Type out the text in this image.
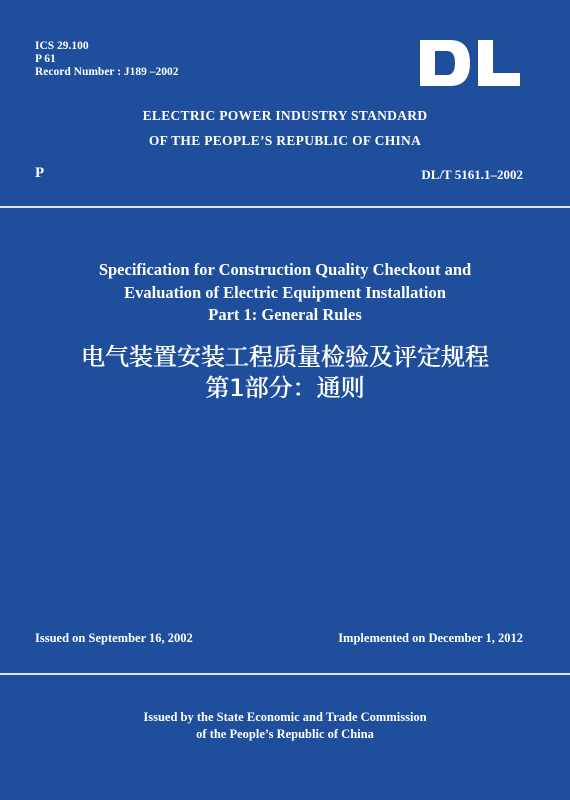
ICS 29.100
P 61
Record Number : J189 –2002
ELECTRIC POWER INDUSTRY STANDARD
OF THE PEOPLE’S REPUBLIC OF CHINA
P	DL/T 5161.1–2002
Specification for Construction Quality Checkout and
Evaluation of Electric Equipment Installation
Part 1: General Rules
电气装置安装工程质量检验及评定规程
第1部分：通则
Issued on September 16, 2002	Implemented on December 1, 2012
Issued by the State Economic and Trade Commission
of the People’s Republic of China
